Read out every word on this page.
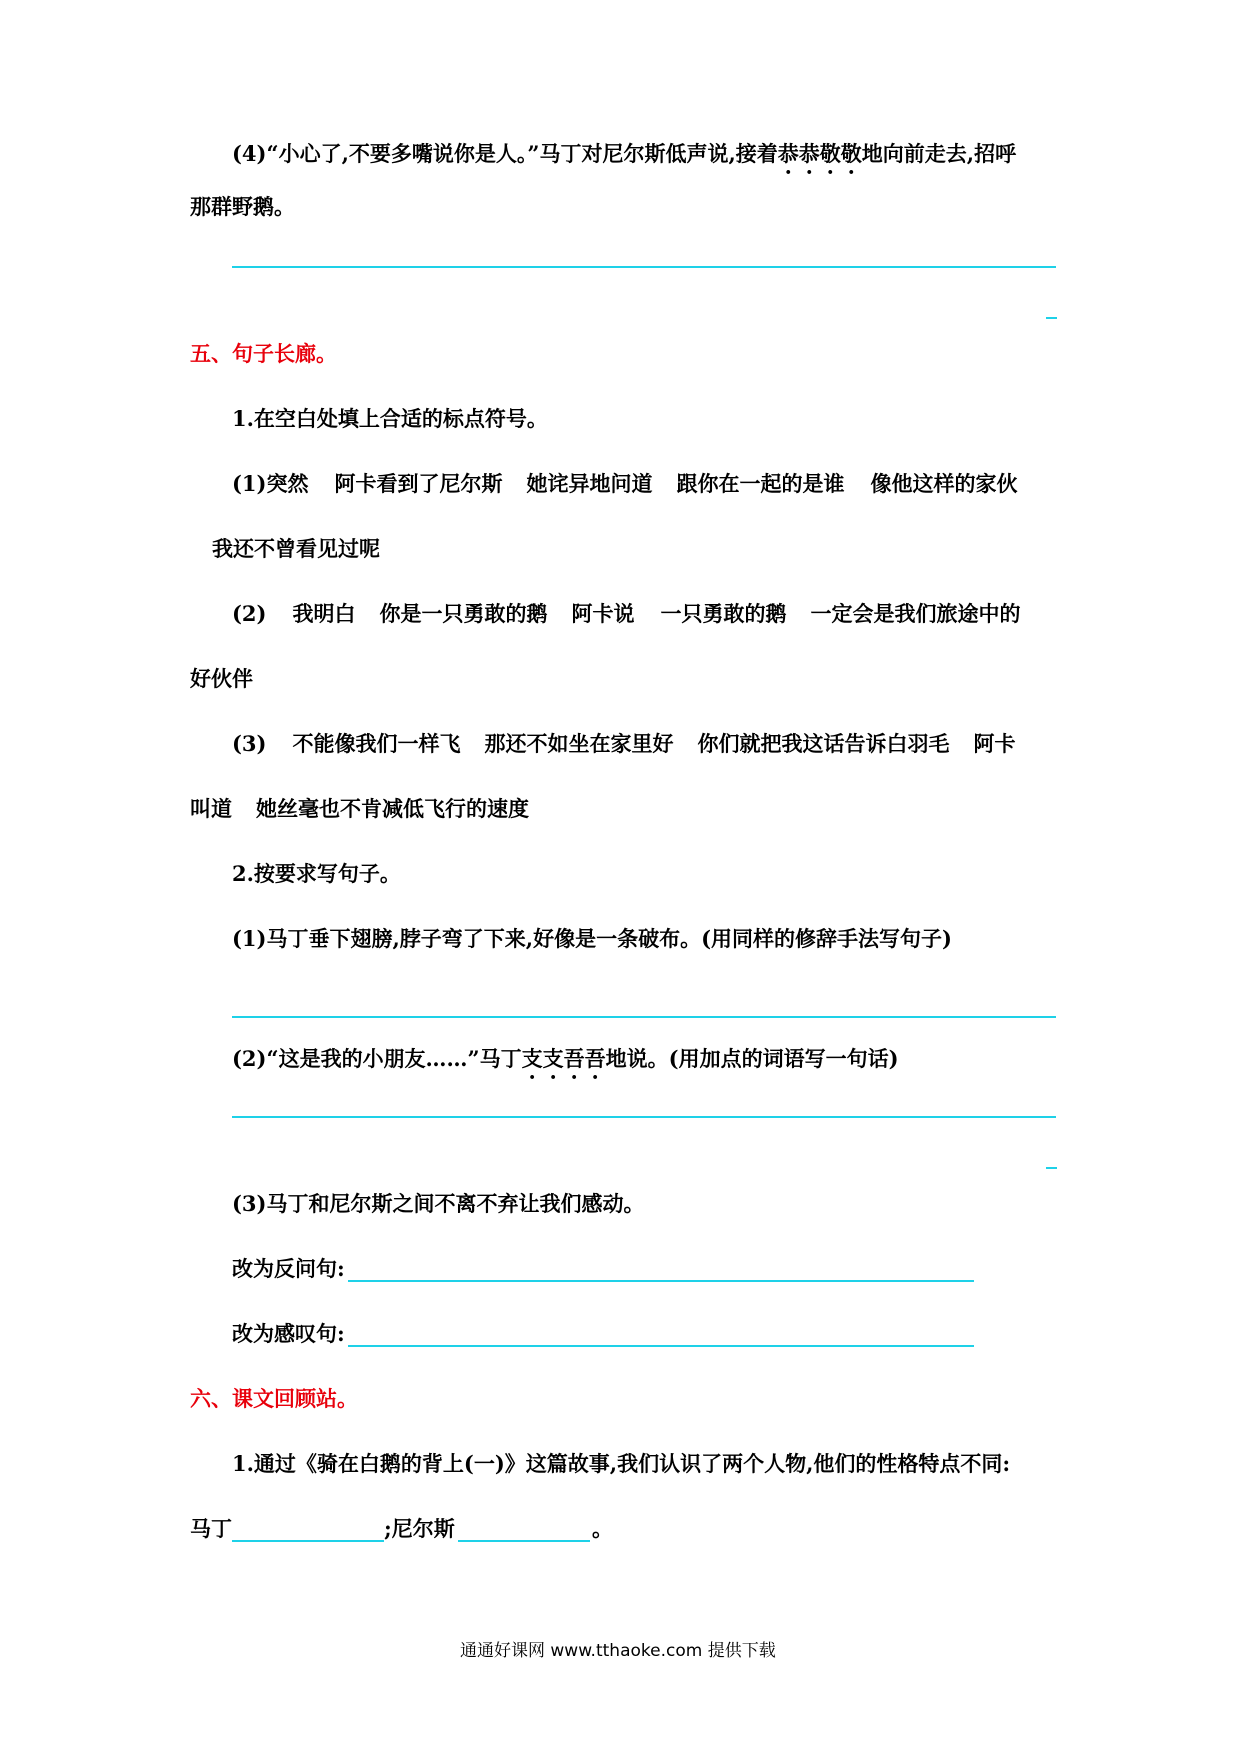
(4)“小心了,不要多嘴说你是人。”马丁对尼尔斯低声说,接着恭恭敬敬地向前走去,招呼
那群野鹅。
五、句子长廊。
1.在空白处填上合适的标点符号。
(1)突然 阿卡看到了尼尔斯 她诧异地问道 跟你在一起的是谁 像他这样的家伙
我还不曾看见过呢
(2) 我明白 你是一只勇敢的鹅 阿卡说 一只勇敢的鹅 一定会是我们旅途中的
好伙伴
(3) 不能像我们一样飞 那还不如坐在家里好 你们就把我这话告诉白羽毛 阿卡
叫道 她丝毫也不肯减低飞行的速度
2.按要求写句子。
(1)马丁垂下翅膀,脖子弯了下来,好像是一条破布。(用同样的修辞手法写句子)
(2)“这是我的小朋友……”马丁支支吾吾地说。(用加点的词语写一句话)
(3)马丁和尼尔斯之间不离不弃让我们感动。
改为反问句:
改为感叹句:
六、课文回顾站。
1.通过《骑在白鹅的背上(一)》这篇故事,我们认识了两个人物,他们的性格特点不同:
马丁	;尼尔斯	。
通通好课网 www.tthaoke.com 提供下载
